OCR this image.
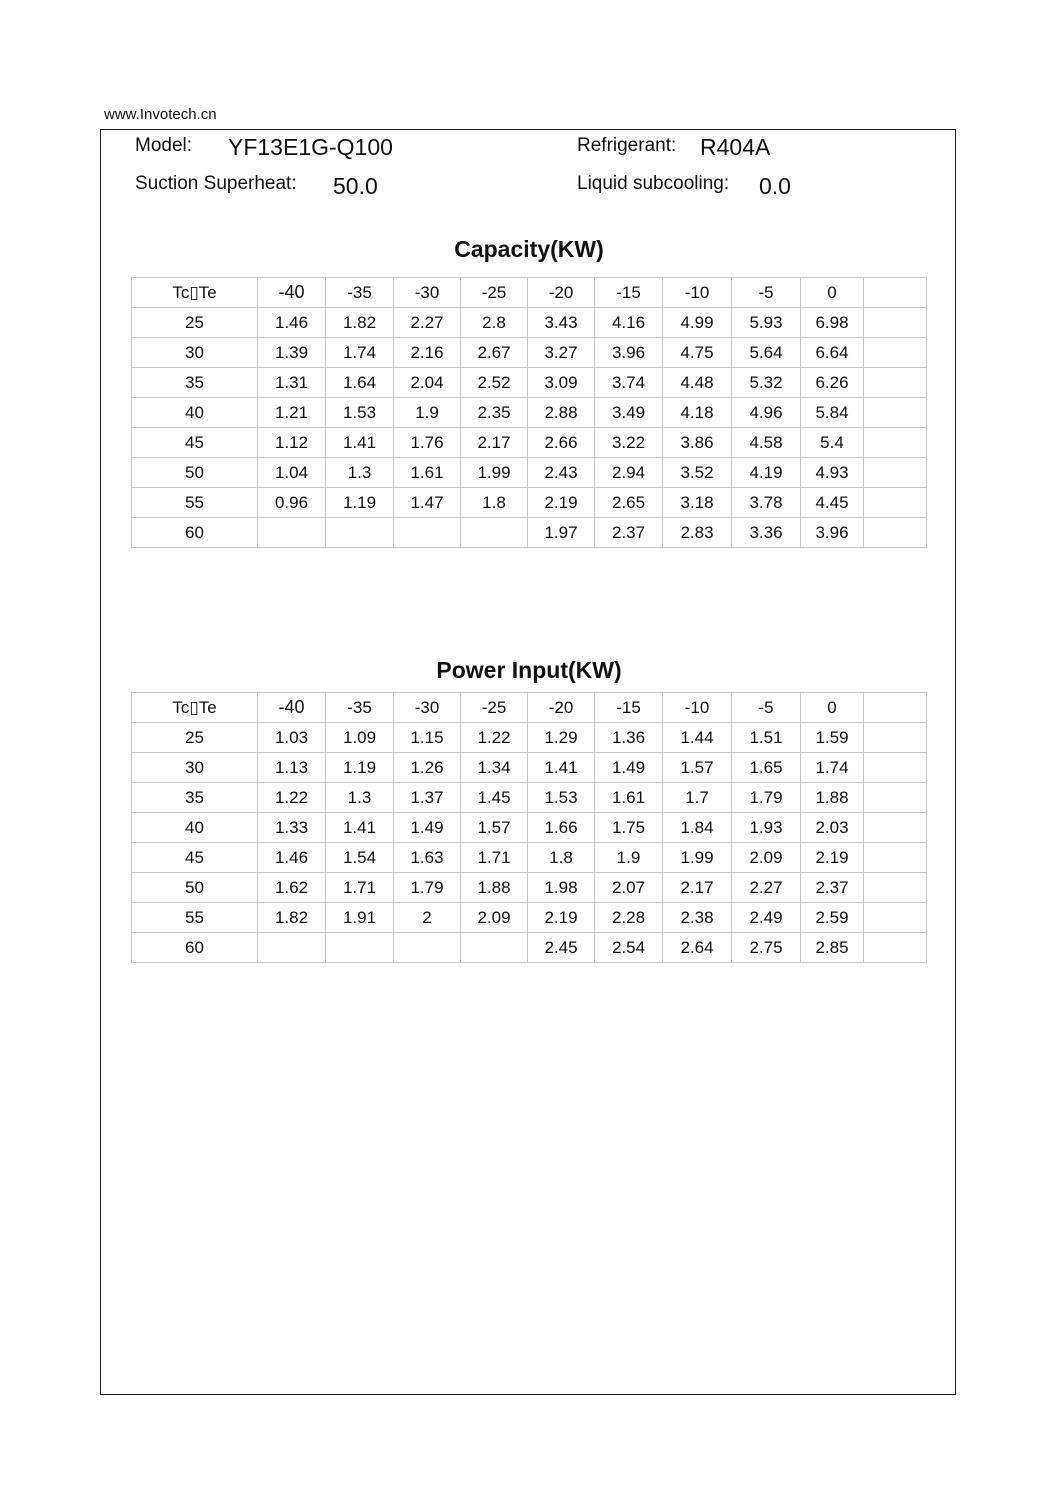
www.Invotech.cn
Model: YF13E1G-Q100	Refrigerant: R404A
Suction Superheat: 50.0	Liquid subcooling: 0.0
Capacity(KW)
Tc▯Te	-40	-35	-30	-25	-20	-15	-10	-5	0	
25	1.46	1.82	2.27	2.8	3.43	4.16	4.99	5.93	6.98	
30	1.39	1.74	2.16	2.67	3.27	3.96	4.75	5.64	6.64	
35	1.31	1.64	2.04	2.52	3.09	3.74	4.48	5.32	6.26	
40	1.21	1.53	1.9	2.35	2.88	3.49	4.18	4.96	5.84	
45	1.12	1.41	1.76	2.17	2.66	3.22	3.86	4.58	5.4	
50	1.04	1.3	1.61	1.99	2.43	2.94	3.52	4.19	4.93	
55	0.96	1.19	1.47	1.8	2.19	2.65	3.18	3.78	4.45	
60					1.97	2.37	2.83	3.36	3.96	
Power Input(KW)
Tc▯Te	-40	-35	-30	-25	-20	-15	-10	-5	0	
25	1.03	1.09	1.15	1.22	1.29	1.36	1.44	1.51	1.59	
30	1.13	1.19	1.26	1.34	1.41	1.49	1.57	1.65	1.74	
35	1.22	1.3	1.37	1.45	1.53	1.61	1.7	1.79	1.88	
40	1.33	1.41	1.49	1.57	1.66	1.75	1.84	1.93	2.03	
45	1.46	1.54	1.63	1.71	1.8	1.9	1.99	2.09	2.19	
50	1.62	1.71	1.79	1.88	1.98	2.07	2.17	2.27	2.37	
55	1.82	1.91	2	2.09	2.19	2.28	2.38	2.49	2.59	
60					2.45	2.54	2.64	2.75	2.85	
